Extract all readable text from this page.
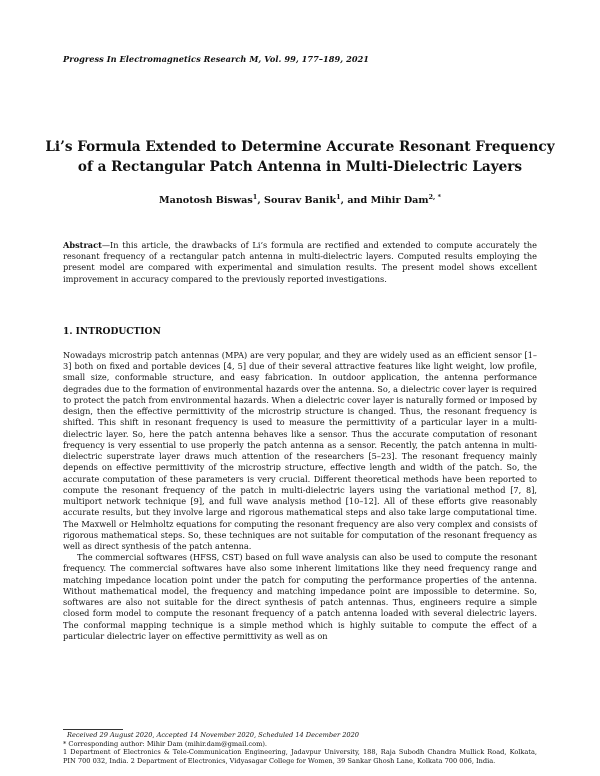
Progress In Electromagnetics Research M, Vol. 99, 177–189, 2021
Li’s Formula Extended to Determine Accurate Resonant Frequency
of a Rectangular Patch Antenna in Multi-Dielectric Layers
Manotosh Biswas$^1$, Sourav Banik$^1$, and Mihir Dam$^{2, *}$
Abstract—In this article, the drawbacks of Li’s formula are rectified and extended to compute accurately the resonant frequency of a rectangular patch antenna in multi-dielectric layers. Computed results employing the present model are compared with experimental and simulation results. The present model shows excellent improvement in accuracy compared to the previously reported investigations.
1. INTRODUCTION

Nowadays microstrip patch antennas (MPA) are very popular, and they are widely used as an efficient sensor [1–3] both on fixed and portable devices [4, 5] due of their several attractive features like light weight, low profile, small size, conformable structure, and easy fabrication. In outdoor application, the antenna performance degrades due to the formation of environmental hazards over the antenna. So, a dielectric cover layer is required to protect the patch from environmental hazards. When a dielectric cover layer is naturally formed or imposed by design, then the effective permittivity of the microstrip structure is changed. Thus, the resonant frequency is shifted. This shift in resonant frequency is used to measure the permittivity of a particular layer in a multi-dielectric layer. So, here the patch antenna behaves like a sensor. Thus the accurate computation of resonant frequency is very essential to use properly the patch antenna as a sensor. Recently, the patch antenna in multi-dielectric superstrate layer draws much attention of the researchers [5–23]. The resonant frequency mainly depends on effective permittivity of the microstrip structure, effective length and width of the patch. So, the accurate computation of these parameters is very crucial. Different theoretical methods have been reported to compute the resonant frequency of the patch in multi-dielectric layers using the variational method [7, 8], multiport network technique [9], and full wave analysis method [10–12]. All of these efforts give reasonably accurate results, but they involve large and rigorous mathematical steps and also take large computational time. The Maxwell or Helmholtz equations for computing the resonant frequency are also very complex and consists of rigorous mathematical steps. So, these techniques are not suitable for computation of the resonant frequency as well as direct synthesis of the patch antenna.

The commercial softwares (HFSS, CST) based on full wave analysis can also be used to compute the resonant frequency. The commercial softwares have also some inherent limitations like they need frequency range and matching impedance location point under the patch for computing the performance properties of the antenna. Without mathematical model, the frequency and matching impedance point are impossible to determine. So, softwares are also not suitable for the direct synthesis of patch antennas. Thus, engineers require a simple closed form model to compute the resonant frequency of a patch antenna loaded with several dielectric layers. The conformal mapping technique is a simple method which is highly suitable to compute the effect of a particular dielectric layer on effective permittivity as well as on

Received 29 August 2020, Accepted 14 November 2020, Scheduled 14 December 2020
* Corresponding author: Mihir Dam (mihir.dam@gmail.com).
1 Department of Electronics & Tele-Communication Engineering, Jadavpur University, 188, Raja Subodh Chandra Mullick Road, Kolkata, PIN 700 032, India. 2 Department of Electronics, Vidyasagar College for Women, 39 Sankar Ghosh Lane, Kolkata 700 006, India.
